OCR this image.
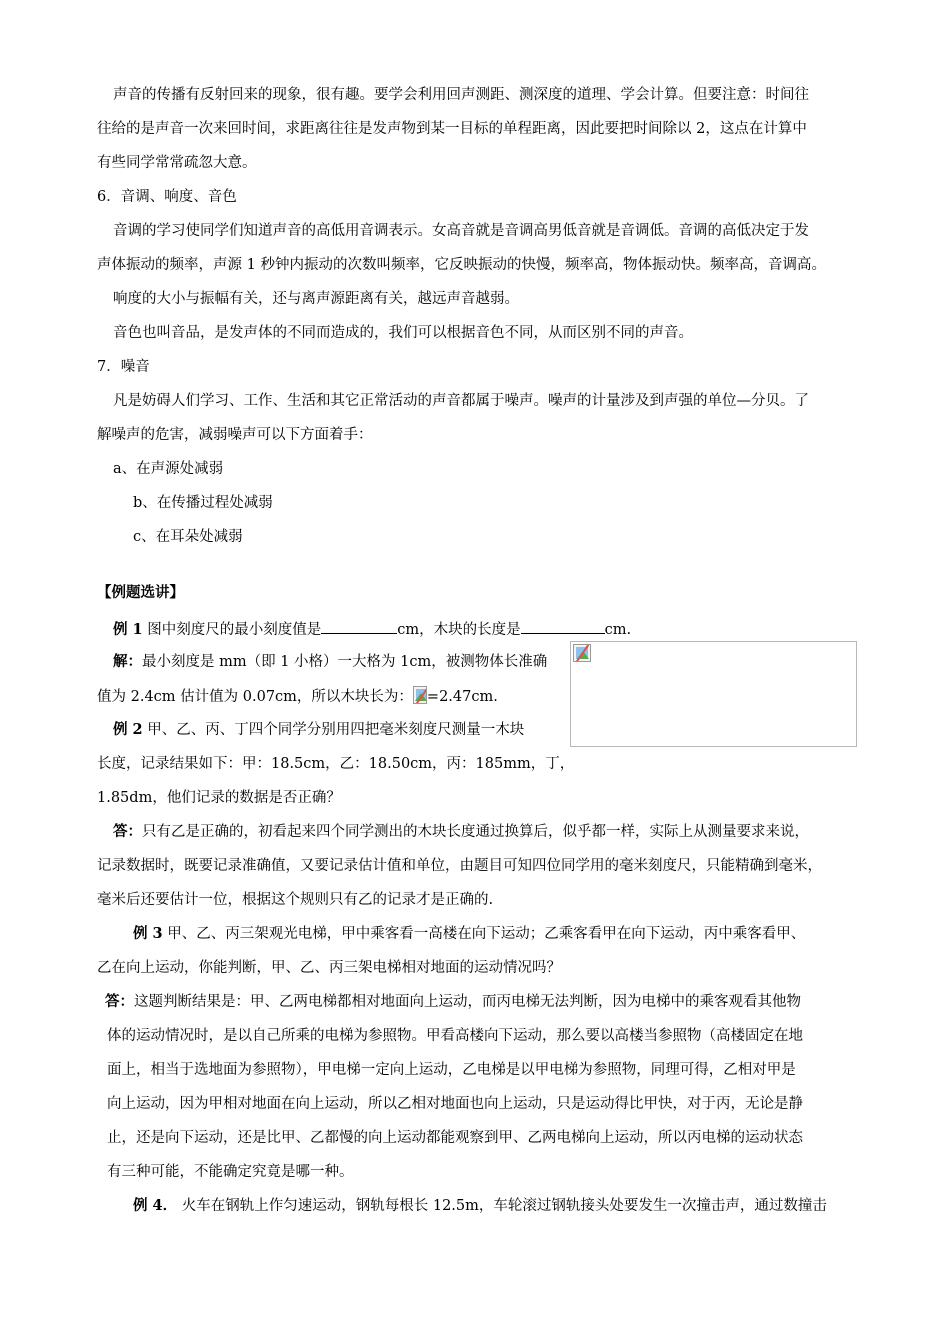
声音的传播有反射回来的现象，很有趣。要学会利用回声测距、测深度的道理、学会计算。但要注意：时间往
往给的是声音一次来回时间，求距离往往是发声物到某一目标的单程距离，因此要把时间除以 2，这点在计算中
有些同学常常疏忽大意。
6．音调、响度、音色
音调的学习使同学们知道声音的高低用音调表示。女高音就是音调高男低音就是音调低。音调的高低决定于发
声体振动的频率，声源 1 秒钟内振动的次数叫频率，它反映振动的快慢，频率高，物体振动快。频率高，音调高。
响度的大小与振幅有关，还与离声源距离有关，越远声音越弱。
音色也叫音品，是发声体的不同而造成的，我们可以根据音色不同，从而区别不同的声音。
7．噪音
凡是妨碍人们学习、工作、生活和其它正常活动的声音都属于噪声。噪声的计量涉及到声强的单位—分贝。了
解噪声的危害，减弱噪声可以下方面着手：
a、在声源处减弱
b、在传播过程处减弱
c、在耳朵处减弱
【例题选讲】
例 1 图中刻度尺的最小刻度值是	cm，木块的长度是	cm.
解：最小刻度是 mm（即 1 小格）一大格为 1cm，被测物体长准确
值为 2.4cm 估计值为 0.07cm，所以木块长为： =2.47cm.
例 2 甲、乙、丙、丁四个同学分别用四把毫米刻度尺测量一木块
长度，记录结果如下：甲：18.5cm，乙：18.50cm，丙：185mm，丁，
1.85dm，他们记录的数据是否正确？
答：只有乙是正确的，初看起来四个同学测出的木块长度通过换算后，似乎都一样，实际上从测量要求来说，
记录数据时，既要记录准确值，又要记录估计值和单位，由题目可知四位同学用的毫米刻度尺，只能精确到毫米，
毫米后还要估计一位，根据这个规则只有乙的记录才是正确的.
例 3 甲、乙、丙三架观光电梯，甲中乘客看一高楼在向下运动；乙乘客看甲在向下运动，丙中乘客看甲、
乙在向上运动，你能判断，甲、乙、丙三架电梯相对地面的运动情况吗？
答：这题判断结果是：甲、乙两电梯都相对地面向上运动，而丙电梯无法判断，因为电梯中的乘客观看其他物
体的运动情况时，是以自己所乘的电梯为参照物。甲看高楼向下运动，那么要以高楼当参照物（高楼固定在地
面上，相当于选地面为参照物），甲电梯一定向上运动，乙电梯是以甲电梯为参照物，同理可得，乙相对甲是
向上运动，因为甲相对地面在向上运动，所以乙相对地面也向上运动，只是运动得比甲快，对于丙，无论是静
止，还是向下运动，还是比甲、乙都慢的向上运动都能观察到甲、乙两电梯向上运动，所以丙电梯的运动状态
有三种可能，不能确定究竟是哪一种。
例 4． 火车在钢轨上作匀速运动，钢轨每根长 12.5m，车轮滚过钢轨接头处要发生一次撞击声，通过数撞击
